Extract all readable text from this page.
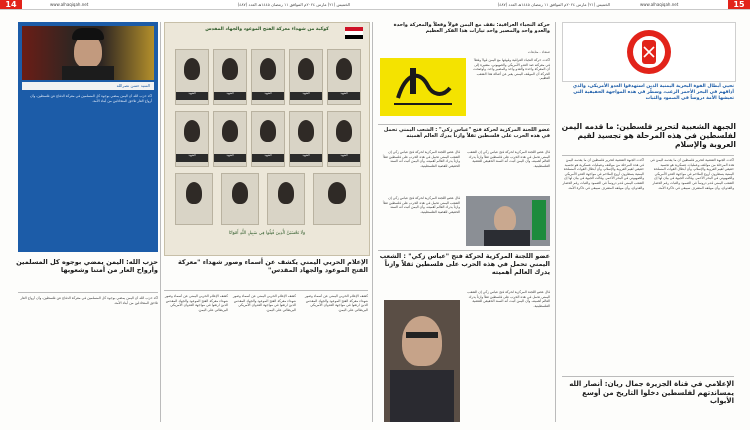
14	15
www.alhaqiqah.net	الخميس (٢١) مارس ٢٠٢٤م الموافق ١١ رمضان ١٤٤٥هـ العدد (٤٨٧)	الخميس (٢١) مارس ٢٠٢٤م الموافق ١١ رمضان ١٤٤٥هـ العدد (٤٨٧)	www.alhaqiqah.net
نحيي أبطال القوة البحرية اليمنية الذين استهدفوا العدو الأمريكي، والذي أذاقهم في البحر الأحمر الرعب، وسطّر في هذه المواجهة الحقيقية التي تعيشها الأمة دروساً في الصمود والثبات
الجبهة الشعبية لتحرير فلسطين: ما قدمه اليمن لفلسطين في هذه المرحلة هو تجسيد لقيم العروبة والإسلام
أكدت الجبهة الشعبية لتحرير فلسطين أن ما يقدمه اليمن في هذه المرحلة من مواقف وعمليات عسكرية هو تجسيد حقيقي لقيم العروبة والإسلام، وأن أبطال القوات المسلحة اليمنية يسطرون أروع الملاحم في مواجهة العدو الأمريكي والصهيوني في البحر الأحمر. وقالت الجبهة في بيان لها إن الشعب اليمني قدم دروساً في الصمود والثبات رغم الحصار والعدوان، وأن موقفه المشرف سيبقى في ذاكرة الأمة.
أكدت الجبهة الشعبية لتحرير فلسطين أن ما يقدمه اليمن في هذه المرحلة من مواقف وعمليات عسكرية هو تجسيد حقيقي لقيم العروبة والإسلام، وأن أبطال القوات المسلحة اليمنية يسطرون أروع الملاحم في مواجهة العدو الأمريكي والصهيوني في البحر الأحمر. وقالت الجبهة في بيان لها إن الشعب اليمني قدم دروساً في الصمود والثبات رغم الحصار والعدوان، وأن موقفه المشرف سيبقى في ذاكرة الأمة.
الإعلامي في قناة الجزيرة جمال ريان: أنصار الله يمساندتهم لفلسطين دخلوا التاريخ من أوسع الأبواب
حركة النجباء العراقية: نقف مع اليمن قولاً وفعلاً والمعركة واحدة والعدو واحد والمصير واحد تيارات هذا الفكر العظيم
صنعاء - متابعات
أكدت حركة النجباء العراقية وقوفها مع اليمن قولاً وفعلاً في معركته ضد العدو الأمريكي والصهيوني، مشيرة إلى أن المعركة واحدة والعدو واحد والمصير واحد. وأوضحت الحركة أن الموقف اليمني يعبر عن أصالة هذا الشعب العظيم.
عضو اللجنة المركزية لحركة فتح "عباس زكي" : الشعب اليمني تحمل في هذه الحرب على فلسطين ثقلاً وازناً يدرك العالم أهميته
قال عضو اللجنة المركزية لحركة فتح عباس زكي إن الشعب اليمني تحمل في هذه الحرب على فلسطين ثقلاً وازناً يدرك العالم أهميته، وأن اليمن أثبت أنه السند الحقيقي للقضية الفلسطينية.
قال عضو اللجنة المركزية لحركة فتح عباس زكي إن الشعب اليمني تحمل في هذه الحرب على فلسطين ثقلاً وازناً يدرك العالم أهميته، وأن اليمن أثبت أنه السند الحقيقي للقضية الفلسطينية.
قال عضو اللجنة المركزية لحركة فتح عباس زكي إن الشعب اليمني تحمل في هذه الحرب على فلسطين ثقلاً وازناً يدرك العالم أهميته، وأن اليمن أثبت أنه السند الحقيقي للقضية الفلسطينية.
عضو اللجنة المركزية لحركة فتح "عباس زكي" : الشعب اليمني تحمل في هذه الحرب على فلسطين ثقلاً وازناً يدرك العالم أهميته
قال عضو اللجنة المركزية لحركة فتح عباس زكي إن الشعب اليمني تحمل في هذه الحرب على فلسطين ثقلاً وازناً يدرك العالم أهميته، وأن اليمن أثبت أنه السند الحقيقي للقضية الفلسطينية.
كوكبة من شهداء معركة الفتح الموعود والجهاد المقدس
الشهيد	الشهيد	الشهيد	الشهيد	الشهيد
الشهيد	الشهيد	الشهيد	الشهيد	الشهيد
وَلَا تَحْسَبَنَّ الَّذِينَ قُتِلُوا فِي سَبِيلِ اللَّهِ أَمْوَاتًا
الإعلام الحربي اليمني يكشف عن أسماء وصور شهداء "معركة الفتح الموعود والجهاد المقدس"
كشف الإعلام الحربي اليمني عن أسماء وصور شهداء معركة الفتح الموعود والجهاد المقدس الذين ارتقوا في مواجهة العدوان الأمريكي البريطاني على اليمن.
كشف الإعلام الحربي اليمني عن أسماء وصور شهداء معركة الفتح الموعود والجهاد المقدس الذين ارتقوا في مواجهة العدوان الأمريكي البريطاني على اليمن.
كشف الإعلام الحربي اليمني عن أسماء وصور شهداء معركة الفتح الموعود والجهاد المقدس الذين ارتقوا في مواجهة العدوان الأمريكي البريطاني على اليمن.
السيد حسن نصرالله
أكد حزب الله أن اليمن يمضي بوجوه كل المسلمين في معركة الدفاع عن فلسطين، وأن أرواح العار تلاحق المتخاذلين من أبناء الأمة.
حزب الله: اليمن يمضي بوجوه كل المسلمين وأرواح العار من أمتنا وشعوبها
أكد حزب الله أن اليمن يمضي بوجوه كل المسلمين في معركة الدفاع عن فلسطين، وأن أرواح العار تلاحق المتخاذلين من أبناء الأمة.
